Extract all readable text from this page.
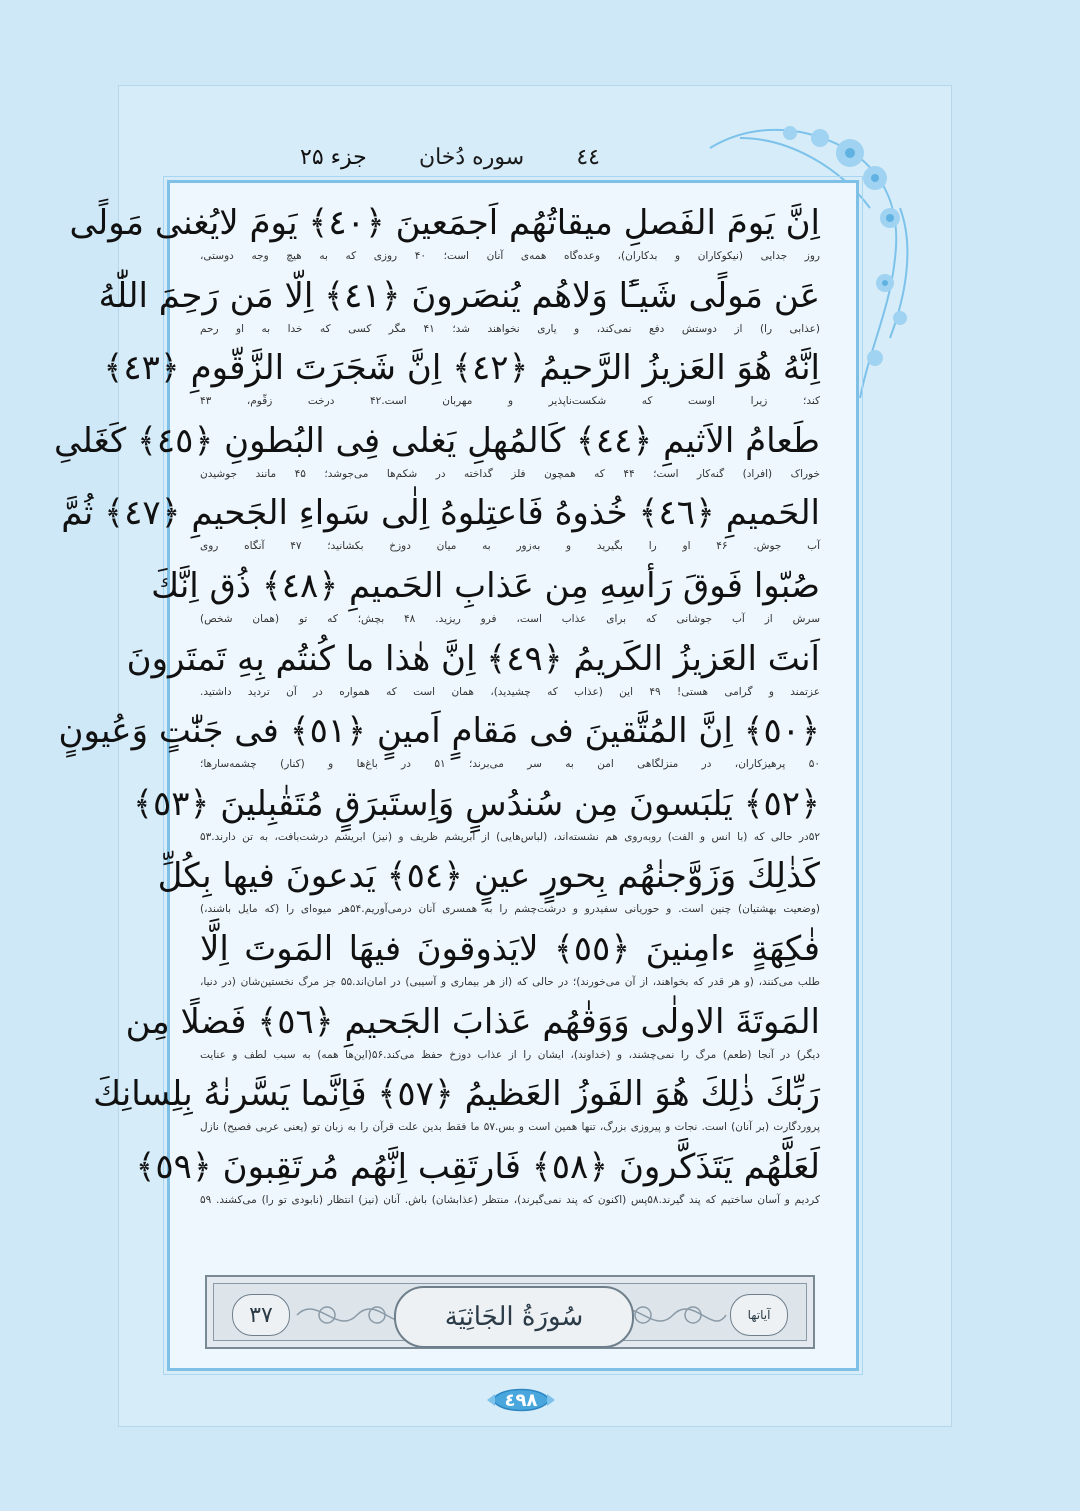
٤٤
سوره دُخان
جزء ۲۵
اِنَّ يَومَ الفَصلِ ميقاتُهُم اَجمَعينَ ﴿٤٠﴾ يَومَ لايُغنى مَولًى
روز جدايی (نيکوکاران و بدکاران)، وعده‌گاه همه‌ی آنان است؛ ۴۰ روزی که به هيچ وجه دوستی،
عَن مَولًى شَيـًٔا وَلاهُم يُنصَرونَ ﴿٤١﴾ اِلّا مَن رَحِمَ اللّٰهُ
(عذابی را) از دوستش دفع نمی‌کند، و ياری نخواهند شد؛ ۴۱ مگر کسی که خدا به او رحم
اِنَّهُ هُوَ العَزيزُ الرَّحيمُ ﴿٤٢﴾ اِنَّ شَجَرَتَ الزَّقّومِ ﴿٤٣﴾
کند؛ زيرا اوست که شکست‌ناپذير و مهربان است.۴۲ درخت زقّوم، ۴۳
طَعامُ الاَثيمِ ﴿٤٤﴾ كَالمُهلِ يَغلى فِى البُطونِ ﴿٤٥﴾ كَغَلىِ
خوراک (افراد) گنه‌کار است؛ ۴۴ که همچون فلز گداخته در شکم‌ها می‌جوشد؛ ۴۵ مانند جوشيدن
الحَميمِ ﴿٤٦﴾ خُذوهُ فَاعتِلوهُ اِلٰى سَواءِ الجَحيمِ ﴿٤٧﴾ ثُمَّ
آب جوش. ۴۶ او را بگيريد و به‌زور به ميان دوزخ بکشانيد؛ ۴۷ آنگاه روی
صُبّوا فَوقَ رَأسِهِ مِن عَذابِ الحَميمِ ﴿٤٨﴾ ذُق اِنَّكَ
سرش از آب جوشانی که برای عذاب است، فرو ريزيد. ۴۸ بچش؛ که تو (همان شخص)
اَنتَ العَزيزُ الكَريمُ ﴿٤٩﴾ اِنَّ هٰذا ما كُنتُم بِهِ تَمتَرونَ
عزتمند و گرامی هستی! ۴۹ اين (عذاب که چشيديد)، همان است که همواره در آن ترديد داشتيد.
﴿٥٠﴾ اِنَّ المُتَّقينَ فى مَقامٍ اَمينٍ ﴿٥١﴾ فى جَنّٰتٍ وَعُيونٍ
۵۰ پرهيزکاران، در منزلگاهی امن به سر می‌برند؛ ۵۱ در باغ‌ها و (کنار) چشمه‌سارها؛
﴿٥٢﴾ يَلبَسونَ مِن سُندُسٍ وَاِستَبرَقٍ مُتَقٰبِلينَ ﴿٥٣﴾
۵۲در حالی که (با انس و الفت) روبه‌روی هم نشسته‌اند، (لباس‌هايی) از ابريشم ظريف و (نيز) ابريشم درشت‌بافت، به تن دارند.۵۳
كَذٰلِكَ وَزَوَّجنٰهُم بِحورٍ عينٍ ﴿٥٤﴾ يَدعونَ فيها بِكُلِّ
(وضعيت بهشتيان) چنين است. و حوريانی سفيدرو و درشت‌چشم را به همسری آنان درمی‌آوريم.۵۴هر ميوه‌ای را (که مايل باشند،)
فٰكِهَةٍ ءامِنينَ ﴿٥٥﴾ لايَذوقونَ فيهَا المَوتَ اِلَّا
طلب می‌کنند، (و هر قدر که بخواهند، از آن می‌خورند)؛ در حالی که (از هر بيماری و آسيبی) در امان‌اند.۵۵ جز مرگ نخستين‌شان (در دنيا،
المَوتَةَ الاولٰى وَوَقٰهُم عَذابَ الجَحيمِ ﴿٥٦﴾ فَضلًا مِن
ديگر) در آنجا (طعم) مرگ را نمی‌چشند، و (خداوند)، ايشان را از عذاب دوزخ حفظ می‌کند.۵۶(اين‌ها همه) به سبب لطف و عنايت
رَبِّكَ ذٰلِكَ هُوَ الفَوزُ العَظيمُ ﴿٥٧﴾ فَاِنَّما يَسَّرنٰهُ بِلِسانِكَ
پروردگارت (بر آنان) است. نجات و پيروزی بزرگ، تنها همين است و بس.۵۷ ما فقط بدين علت قرآن را به زبان تو (يعنی عربی فصيح) نازل
لَعَلَّهُم يَتَذَكَّرونَ ﴿٥٨﴾ فَارتَقِب اِنَّهُم مُرتَقِبونَ ﴿٥٩﴾
کرديم و آسان ساختيم که پند گيرند.۵۸پس (اکنون که پند نمی‌گيرند)، منتظر (عذابشان) باش. آنان (نيز) انتظار (نابودی تو را) می‌کشند. ۵۹
٣٧	سُورَةُ الجَاثِيَة	آياتها
٤٩٨
